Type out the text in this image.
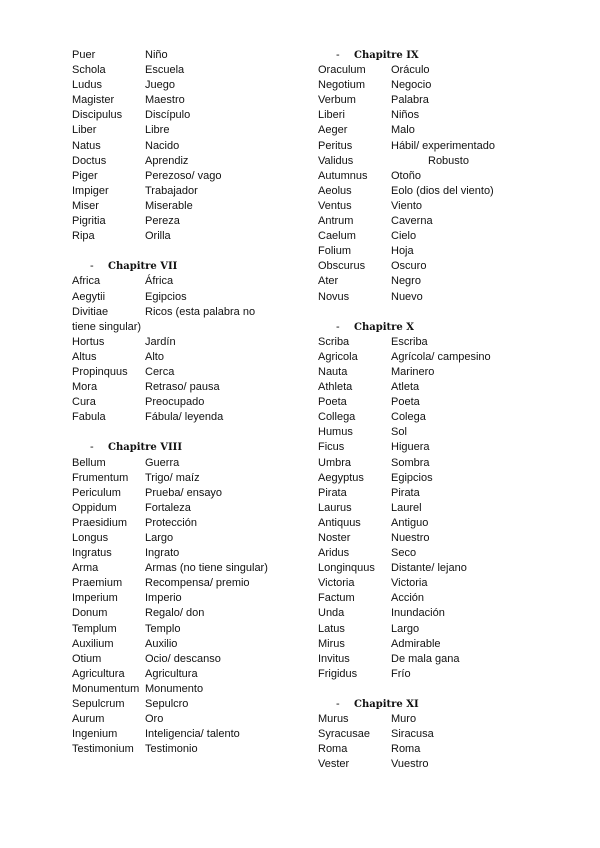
Puer	Niño
Schola	Escuela
Ludus	Juego
Magister	Maestro
Discipulus	Discípulo
Liber	Libre
Natus	Nacido
Doctus	Aprendiz
Piger	Perezoso/ vago
Impiger	Trabajador
Miser	Miserable
Pigritia	Pereza
Ripa	Orilla
- Chapitre VII
Africa	África
Aegytii	Egipcios
Divitiae	Ricos (esta palabra no
tiene singular)
Hortus	Jardín
Altus	Alto
Propinquus	Cerca
Mora	Retraso/ pausa
Cura	Preocupado
Fabula	Fábula/ leyenda
- Chapitre VIII
Bellum	Guerra
Frumentum	Trigo/ maíz
Periculum	Prueba/ ensayo
Oppidum	Fortaleza
Praesidium	Protección
Longus	Largo
Ingratus	Ingrato
Arma	Armas (no tiene singular)
Praemium	Recompensa/ premio
Imperium	Imperio
Donum	Regalo/ don
Templum	Templo
Auxilium	Auxilio
Otium	Ocio/ descanso
Agricultura	Agricultura
Monumentum Monumento
Sepulcrum	Sepulcro
Aurum	Oro
Ingenium	Inteligencia/ talento
Testimonium	Testimonio
- Chapitre IX
Oraculum	Oráculo
Negotium	Negocio
Verbum	Palabra
Liberi	Niños
Aeger	Malo
Peritus	Hábil/ experimentado
Validus	Robusto
Autumnus	Otoño
Aeolus	Eolo (dios del viento)
Ventus	Viento
Antrum	Caverna
Caelum	Cielo
Folium	Hoja
Obscurus	Oscuro
Ater	Negro
Novus	Nuevo
- Chapitre X
Scriba	Escriba
Agricola	Agrícola/ campesino
Nauta	Marinero
Athleta	Atleta
Poeta	Poeta
Collega	Colega
Humus	Sol
Ficus	Higuera
Umbra	Sombra
Aegyptus	Egipcios
Pirata	Pirata
Laurus	Laurel
Antiquus	Antiguo
Noster	Nuestro
Aridus	Seco
Longinquus	Distante/ lejano
Victoria	Victoria
Factum	Acción
Unda	Inundación
Latus	Largo
Mirus	Admirable
Invitus	De mala gana
Frigidus	Frío
- Chapitre XI
Murus	Muro
Syracusae	Siracusa
Roma	Roma
Vester	Vuestro
